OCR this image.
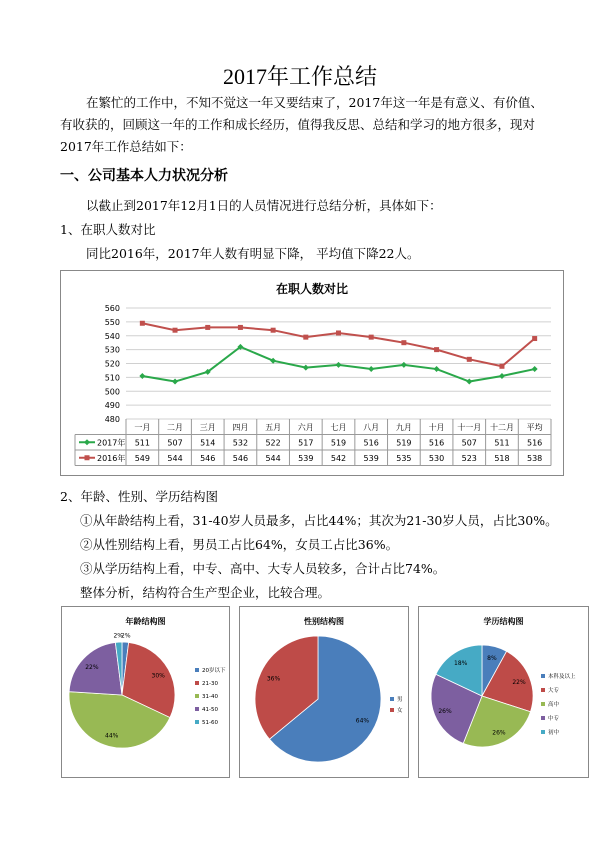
2017年工作总结
在繁忙的工作中，不知不觉这一年又要结束了，2017年这一年是有意义、有价值、有收获的，回顾这一年的工作和成长经历，值得我反思、总结和学习的地方很多，现对2017年工作总结如下：
一、公司基本人力状况分析
以截止到2017年12月1日的人员情况进行总结分析，具体如下：
1、在职人数对比
同比2016年，2017年人数有明显下降， 平均值下降22人。
在职人数对比
480
490
500
510
520
530
540
550
560
一月 二月 三月 四月 五月 六月 七月 八月 九月 十月 十一月 十二月 平均
2017年 511 507 514 532 522 517 519 516 519 516 507 511 516
2016年 549 544 546 546 544 539 542 539 535 530 523 518 538
2、年龄、性别、学历结构图
①从年龄结构上看，31-40岁人员最多，占比44%；其次为21-30岁人员，占比30%。
②从性别结构上看，男员工占比64%，女员工占比36%。
③从学历结构上看，中专、高中、大专人员较多，合计占比74%。
整体分析，结构符合生产型企业，比较合理。
年龄结构图
2%
20岁以下
30%
21-30
44%
31-40
22%
41-50
2%
51-60
性别结构图
64%
男
36%
女
学历结构图
8%
本科及以上
22%
大专
26%
高中
26%
中专
18%
初中
